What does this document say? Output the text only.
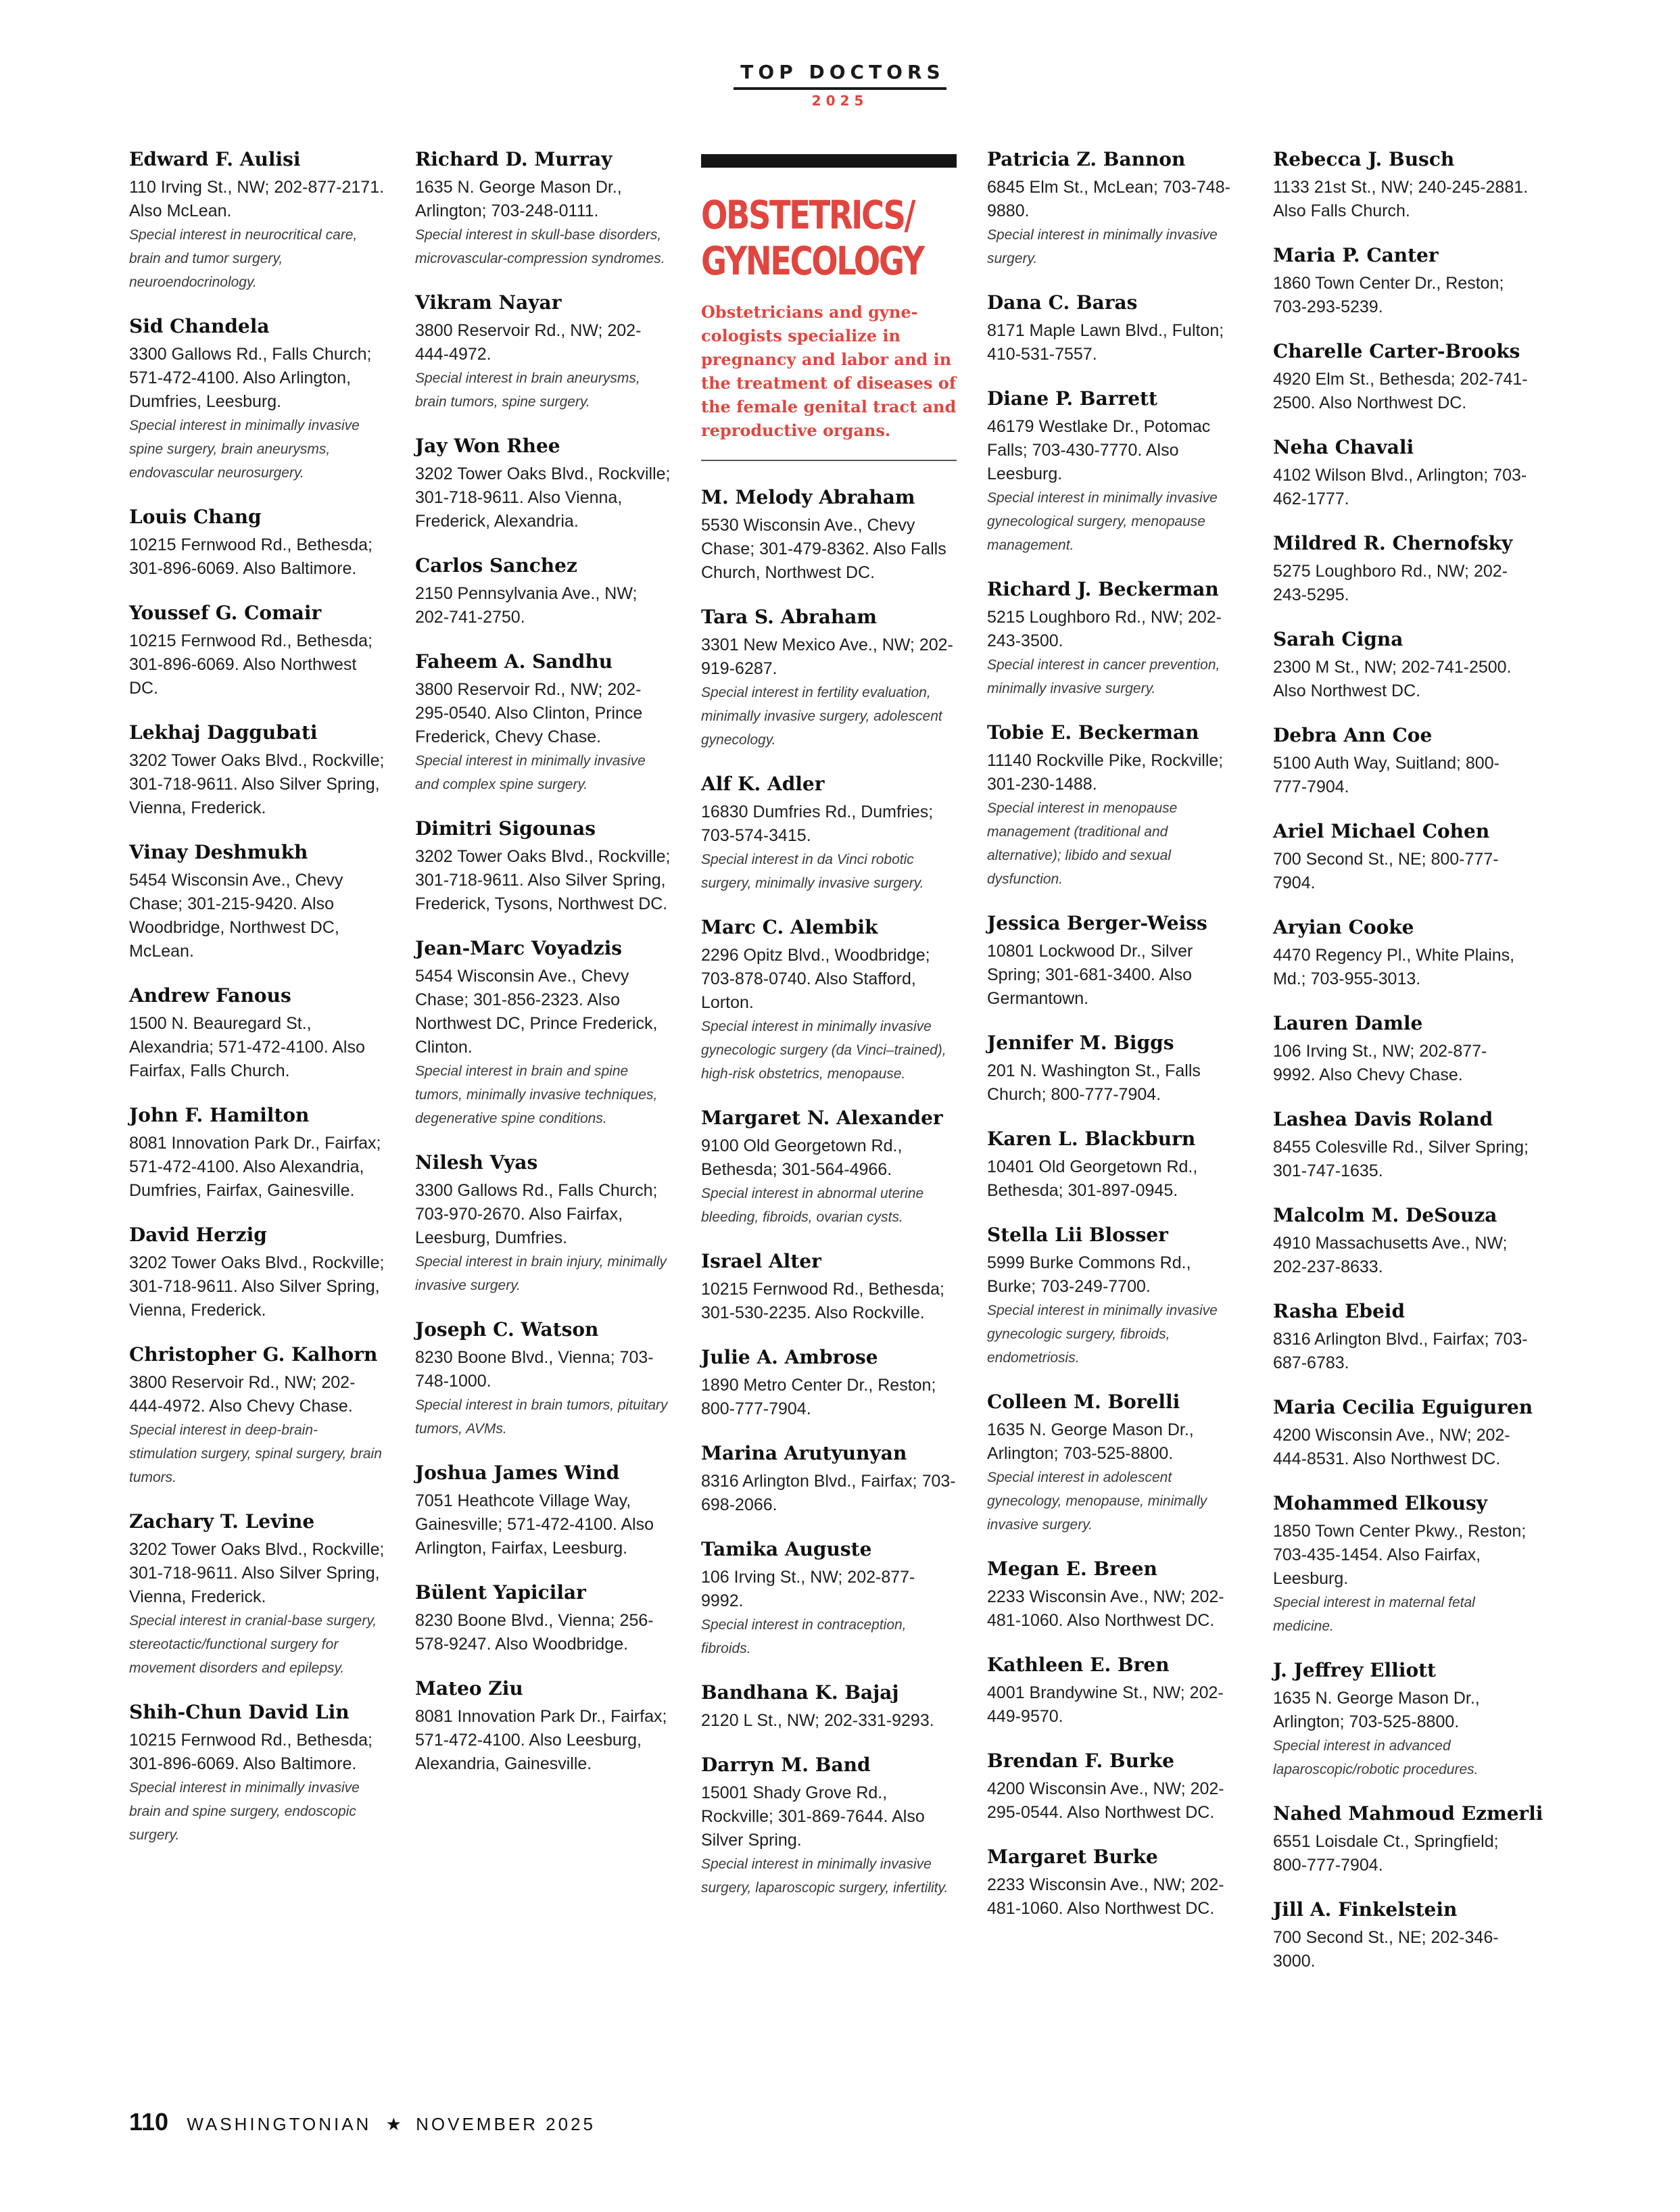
TOP DOCTORS
2025
Edward F. Aulisi
110 Irving St., NW; 202-877-2171. Also McLean.
Special interest in neurocritical care, brain and tumor surgery, neuroendocrinology.
Sid Chandela
3300 Gallows Rd., Falls Church; 571-472-4100. Also Arlington, Dumfries, Leesburg.
Special interest in minimally invasive spine surgery, brain aneurysms, endovascular neurosurgery.
Louis Chang
10215 Fernwood Rd., Bethesda; 301-896-6069. Also Baltimore.
Youssef G. Comair
10215 Fernwood Rd., Bethesda; 301-896-6069. Also Northwest DC.
Lekhaj Daggubati
3202 Tower Oaks Blvd., Rockville; 301-718-9611. Also Silver Spring, Vienna, Frederick.
Vinay Deshmukh
5454 Wisconsin Ave., Chevy Chase; 301-215-9420. Also Woodbridge, Northwest DC, McLean.
Andrew Fanous
1500 N. Beauregard St., Alexandria; 571-472-4100. Also Fairfax, Falls Church.
John F. Hamilton
8081 Innovation Park Dr., Fairfax; 571-472-4100. Also Alexandria, Dumfries, Fairfax, Gainesville.
David Herzig
3202 Tower Oaks Blvd., Rockville; 301-718-9611. Also Silver Spring, Vienna, Frederick.
Christopher G. Kalhorn
3800 Reservoir Rd., NW; 202-444-4972. Also Chevy Chase.
Special interest in deep-brain-stimulation surgery, spinal surgery, brain tumors.
Zachary T. Levine
3202 Tower Oaks Blvd., Rockville; 301-718-9611. Also Silver Spring, Vienna, Frederick.
Special interest in cranial-base surgery, stereotactic/functional surgery for movement disorders and epilepsy.
Shih-Chun David Lin
10215 Fernwood Rd., Bethesda; 301-896-6069. Also Baltimore.
Special interest in minimally invasive brain and spine surgery, endoscopic surgery.
Richard D. Murray
1635 N. George Mason Dr., Arlington; 703-248-0111.
Special interest in skull-base disorders, microvascular-compression syndromes.
Vikram Nayar
3800 Reservoir Rd., NW; 202-444-4972.
Special interest in brain aneurysms, brain tumors, spine surgery.
Jay Won Rhee
3202 Tower Oaks Blvd., Rockville; 301-718-9611. Also Vienna, Frederick, Alexandria.
Carlos Sanchez
2150 Pennsylvania Ave., NW; 202-741-2750.
Faheem A. Sandhu
3800 Reservoir Rd., NW; 202-295-0540. Also Clinton, Prince Frederick, Chevy Chase.
Special interest in minimally invasive and complex spine surgery.
Dimitri Sigounas
3202 Tower Oaks Blvd., Rockville; 301-718-9611. Also Silver Spring, Frederick, Tysons, Northwest DC.
Jean-Marc Voyadzis
5454 Wisconsin Ave., Chevy Chase; 301-856-2323. Also Northwest DC, Prince Frederick, Clinton.
Special interest in brain and spine tumors, minimally invasive techniques, degenerative spine conditions.
Nilesh Vyas
3300 Gallows Rd., Falls Church; 703-970-2670. Also Fairfax, Leesburg, Dumfries.
Special interest in brain injury, minimally invasive surgery.
Joseph C. Watson
8230 Boone Blvd., Vienna; 703-748-1000.
Special interest in brain tumors, pituitary tumors, AVMs.
Joshua James Wind
7051 Heathcote Village Way, Gainesville; 571-472-4100. Also Arlington, Fairfax, Leesburg.
Bülent Yapicilar
8230 Boone Blvd., Vienna; 256-578-9247. Also Woodbridge.
Mateo Ziu
8081 Innovation Park Dr., Fairfax; 571-472-4100. Also Leesburg, Alexandria, Gainesville.
OBSTETRICS/
GYNECOLOGY
Obstetricians and gyne-cologists specialize in pregnancy and labor and in the treatment of diseases of the female genital tract and reproductive organs.
M. Melody Abraham
5530 Wisconsin Ave., Chevy Chase; 301-479-8362. Also Falls Church, Northwest DC.
Tara S. Abraham
3301 New Mexico Ave., NW; 202-919-6287.
Special interest in fertility evaluation, minimally invasive surgery, adolescent gynecology.
Alf K. Adler
16830 Dumfries Rd., Dumfries; 703-574-3415.
Special interest in da Vinci robotic surgery, minimally invasive surgery.
Marc C. Alembik
2296 Opitz Blvd., Woodbridge; 703-878-0740. Also Stafford, Lorton.
Special interest in minimally invasive gynecologic surgery (da Vinci–trained), high-risk obstetrics, menopause.
Margaret N. Alexander
9100 Old Georgetown Rd., Bethesda; 301-564-4966.
Special interest in abnormal uterine bleeding, fibroids, ovarian cysts.
Israel Alter
10215 Fernwood Rd., Bethesda; 301-530-2235. Also Rockville.
Julie A. Ambrose
1890 Metro Center Dr., Reston; 800-777-7904.
Marina Arutyunyan
8316 Arlington Blvd., Fairfax; 703-698-2066.
Tamika Auguste
106 Irving St., NW; 202-877-9992.
Special interest in contraception, fibroids.
Bandhana K. Bajaj
2120 L St., NW; 202-331-9293.
Darryn M. Band
15001 Shady Grove Rd., Rockville; 301-869-7644. Also Silver Spring.
Special interest in minimally invasive surgery, laparoscopic surgery, infertility.
Patricia Z. Bannon
6845 Elm St., McLean; 703-748-9880.
Special interest in minimally invasive surgery.
Dana C. Baras
8171 Maple Lawn Blvd., Fulton; 410-531-7557.
Diane P. Barrett
46179 Westlake Dr., Potomac Falls; 703-430-7770. Also Leesburg.
Special interest in minimally invasive gynecological surgery, menopause management.
Richard J. Beckerman
5215 Loughboro Rd., NW; 202-243-3500.
Special interest in cancer prevention, minimally invasive surgery.
Tobie E. Beckerman
11140 Rockville Pike, Rockville; 301-230-1488.
Special interest in menopause management (traditional and alternative); libido and sexual dysfunction.
Jessica Berger-Weiss
10801 Lockwood Dr., Silver Spring; 301-681-3400. Also Germantown.
Jennifer M. Biggs
201 N. Washington St., Falls Church; 800-777-7904.
Karen L. Blackburn
10401 Old Georgetown Rd., Bethesda; 301-897-0945.
Stella Lii Blosser
5999 Burke Commons Rd., Burke; 703-249-7700.
Special interest in minimally invasive gynecologic surgery, fibroids, endometriosis.
Colleen M. Borelli
1635 N. George Mason Dr., Arlington; 703-525-8800.
Special interest in adolescent gynecology, menopause, minimally invasive surgery.
Megan E. Breen
2233 Wisconsin Ave., NW; 202-481-1060. Also Northwest DC.
Kathleen E. Bren
4001 Brandywine St., NW; 202-449-9570.
Brendan F. Burke
4200 Wisconsin Ave., NW; 202-295-0544. Also Northwest DC.
Margaret Burke
2233 Wisconsin Ave., NW; 202-481-1060. Also Northwest DC.
Rebecca J. Busch
1133 21st St., NW; 240-245-2881. Also Falls Church.
Maria P. Canter
1860 Town Center Dr., Reston; 703-293-5239.
Charelle Carter-Brooks
4920 Elm St., Bethesda; 202-741-2500. Also Northwest DC.
Neha Chavali
4102 Wilson Blvd., Arlington; 703-462-1777.
Mildred R. Chernofsky
5275 Loughboro Rd., NW; 202-243-5295.
Sarah Cigna
2300 M St., NW; 202-741-2500. Also Northwest DC.
Debra Ann Coe
5100 Auth Way, Suitland; 800-777-7904.
Ariel Michael Cohen
700 Second St., NE; 800-777-7904.
Aryian Cooke
4470 Regency Pl., White Plains, Md.; 703-955-3013.
Lauren Damle
106 Irving St., NW; 202-877-9992. Also Chevy Chase.
Lashea Davis Roland
8455 Colesville Rd., Silver Spring; 301-747-1635.
Malcolm M. DeSouza
4910 Massachusetts Ave., NW; 202-237-8633.
Rasha Ebeid
8316 Arlington Blvd., Fairfax; 703-687-6783.
Maria Cecilia Eguiguren
4200 Wisconsin Ave., NW; 202-444-8531. Also Northwest DC.
Mohammed Elkousy
1850 Town Center Pkwy., Reston; 703-435-1454. Also Fairfax, Leesburg.
Special interest in maternal fetal medicine.
J. Jeffrey Elliott
1635 N. George Mason Dr., Arlington; 703-525-8800.
Special interest in advanced laparoscopic/robotic procedures.
Nahed Mahmoud Ezmerli
6551 Loisdale Ct., Springfield; 800-777-7904.
Jill A. Finkelstein
700 Second St., NE; 202-346-3000.
110 WASHINGTONIAN ★ NOVEMBER 2025
